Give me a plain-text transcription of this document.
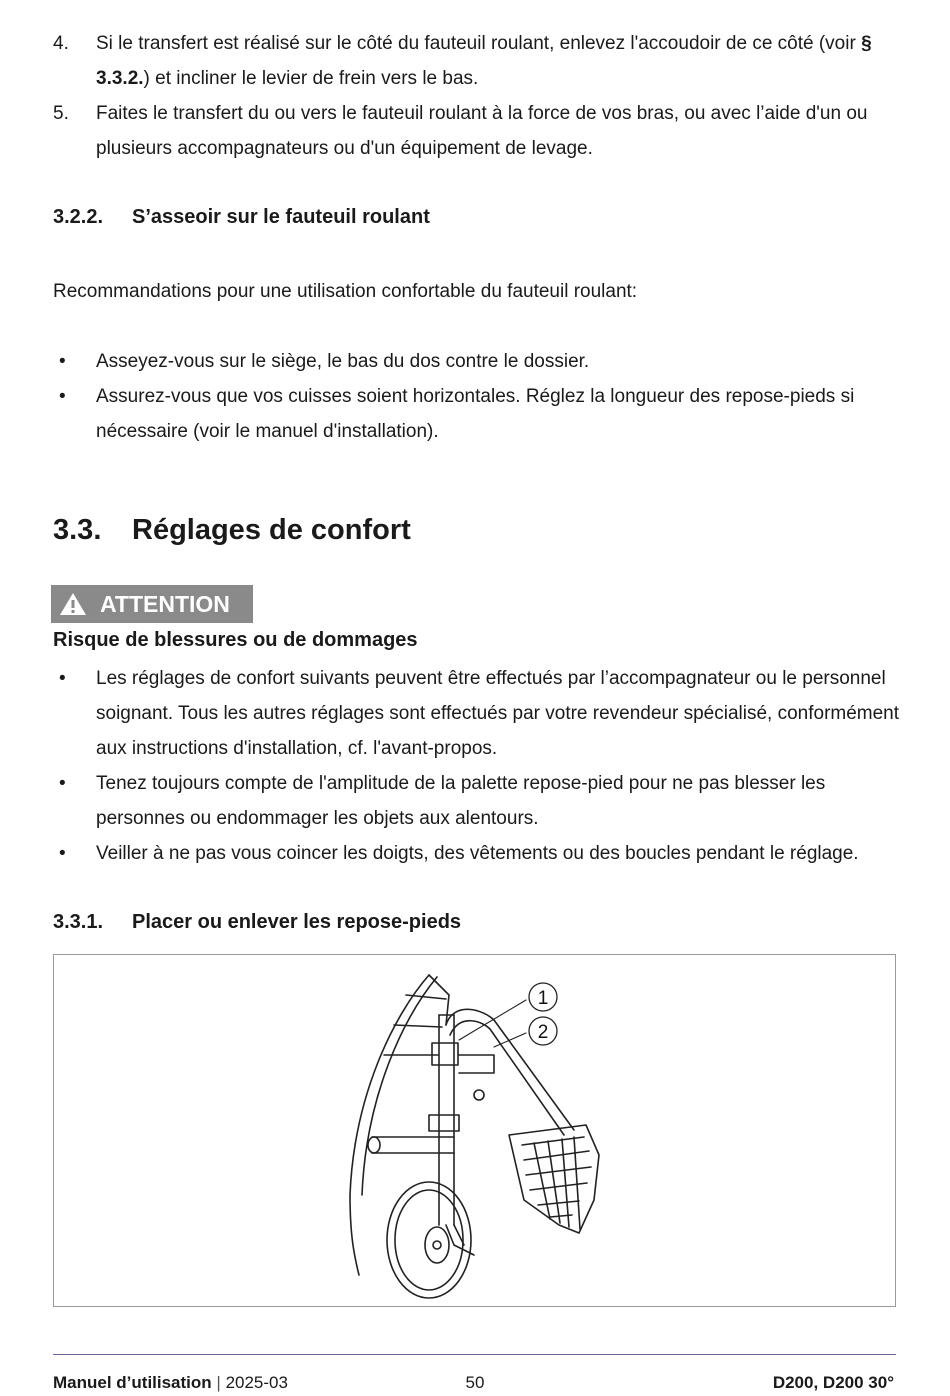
4. Si le transfert est réalisé sur le côté du fauteuil roulant, enlevez l'accoudoir de ce côté (voir § 3.3.2.) et incliner le levier de frein vers le bas.
5. Faites le transfert du ou vers le fauteuil roulant à la force de vos bras, ou avec l’aide d'un ou plusieurs accompagnateurs ou d'un équipement de levage.
3.2.2. S’asseoir sur le fauteuil roulant

Recommandations pour une utilisation confortable du fauteuil roulant:

• Asseyez-vous sur le siège, le bas du dos contre le dossier.
• Assurez-vous que vos cuisses soient horizontales. Réglez la longueur des repose-pieds si nécessaire (voir le manuel d'installation).
3.3. Réglages de confort
ATTENTION

Risque de blessures ou de dommages

• Les réglages de confort suivants peuvent être effectués par l’accompagnateur ou le personnel soignant. Tous les autres réglages sont effectués par votre revendeur spécialisé, conformément aux instructions d'installation, cf. l'avant-propos.
• Tenez toujours compte de l'amplitude de la palette repose-pied pour ne pas blesser les personnes ou endommager les objets aux alentours.
• Veiller à ne pas vous coincer les doigts, des vêtements ou des boucles pendant le réglage.
3.3.1. Placer ou enlever les repose-pieds
1
2
Manuel d’utilisation | 2025-03	50	D200, D200 30°
